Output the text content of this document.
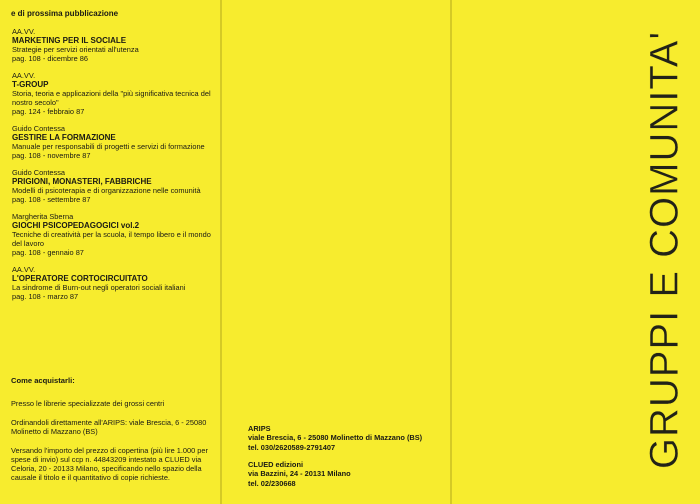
e di prossima pubblicazione
AA.VV.
MARKETING PER IL SOCIALE
Strategie per servizi orientati all'utenza
pag. 108 - dicembre 86
AA.VV.
T-GROUP
Storia, teoria e applicazioni della "più significativa tecnica del nostro secolo"
pag. 124 - febbraio 87
Guido Contessa
GESTIRE LA FORMAZIONE
Manuale per responsabili di progetti e servizi di formazione
pag. 108 - novembre 87
Guido Contessa
PRIGIONI, MONASTERI, FABBRICHE
Modelli di psicoterapia e di organizzazione nelle comunità
pag. 108 - settembre 87
Margherita Sberna
GIOCHI PSICOPEDAGOGICI vol.2
Tecniche di creatività per la scuola, il tempo libero e il mondo del lavoro
pag. 108 - gennaio 87
AA.VV.
L'OPERATORE CORTOCIRCUITATO
La sindrome di Burn-out negli operatori sociali italiani
pag. 108 - marzo 87
Come acquistarli:

Presso le librerie specializzate dei grossi centri

Ordinandoli direttamente all'ARIPS: viale Brescia, 6 - 25080 Molinetto di Mazzano (BS)

Versando l'importo del prezzo di copertina (più lire 1.000 per spese di invio) sul ccp n. 44843209 intestato a CLUED via Celoria, 20 - 20133 Milano, specificando nello spazio della causale il titolo e il quantitativo di copie richieste.

ARIPS
viale Brescia, 6 - 25080 Molinetto di Mazzano (BS)
tel. 030/2620589-2791407
CLUED edizioni
via Bazzini, 24 - 20131 Milano
tel. 02/230668
GRUPPI E COMUNITA'
